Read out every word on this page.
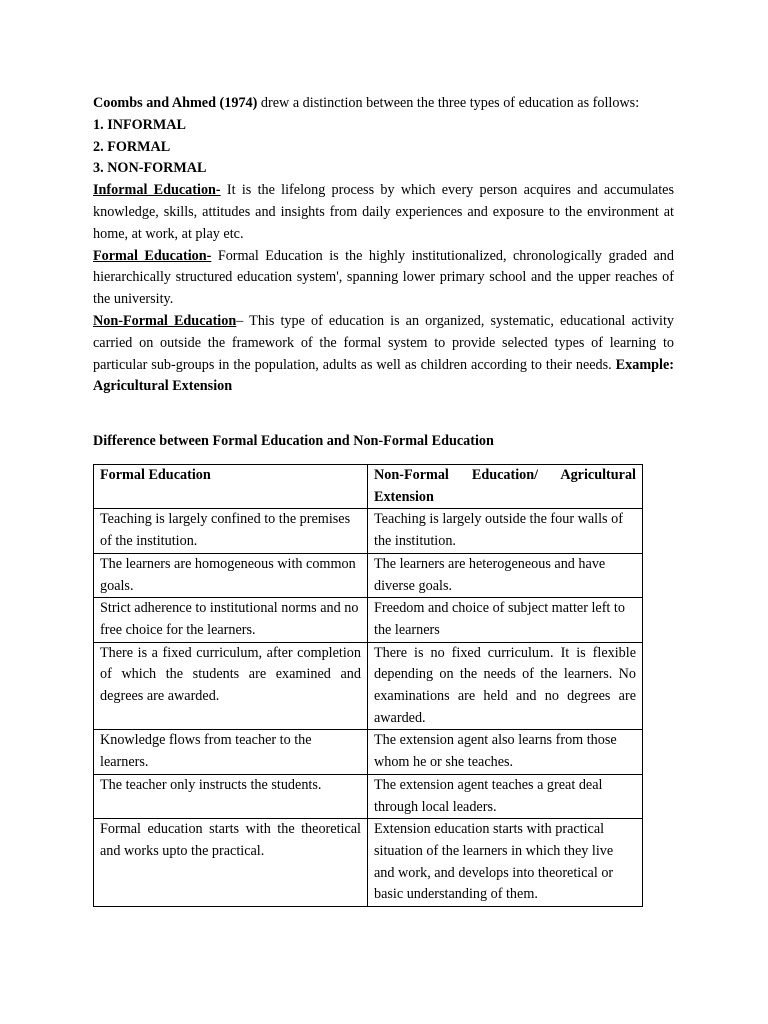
Coombs and Ahmed (1974) drew a distinction between the three types of education as follows:

1. INFORMAL

2. FORMAL

3. NON-FORMAL

Informal Education- It is the lifelong process by which every person acquires and accumulates knowledge, skills, attitudes and insights from daily experiences and exposure to the environment at home, at work, at play etc.

Formal Education- Formal Education is the highly institutionalized, chronologically graded and hierarchically structured education system', spanning lower primary school and the upper reaches of the university.

Non-Formal Education– This type of education is an organized, systematic, educational activity carried on outside the framework of the formal system to provide selected types of learning to particular sub-groups in the population, adults as well as children according to their needs. Example: Agricultural Extension

Difference between Formal Education and Non-Formal Education
Formal Education	Non-Formal Education/ Agricultural Extension
Teaching is largely confined to the premises of the institution.	Teaching is largely outside the four walls of the institution.
The learners are homogeneous with common goals.	The learners are heterogeneous and have diverse goals.
Strict adherence to institutional norms and no free choice for the learners.	Freedom and choice of subject matter left to the learners
There is a fixed curriculum, after completion of which the students are examined and degrees are awarded.	There is no fixed curriculum. It is flexible depending on the needs of the learners. No examinations are held and no degrees are awarded.
Knowledge flows from teacher to the learners.	The extension agent also learns from those whom he or she teaches.
The teacher only instructs the students.	The extension agent teaches a great deal through local leaders.
Formal education starts with the theoretical and works upto the practical.	Extension education starts with practical situation of the learners in which they live and work, and develops into theoretical or basic understanding of them.
